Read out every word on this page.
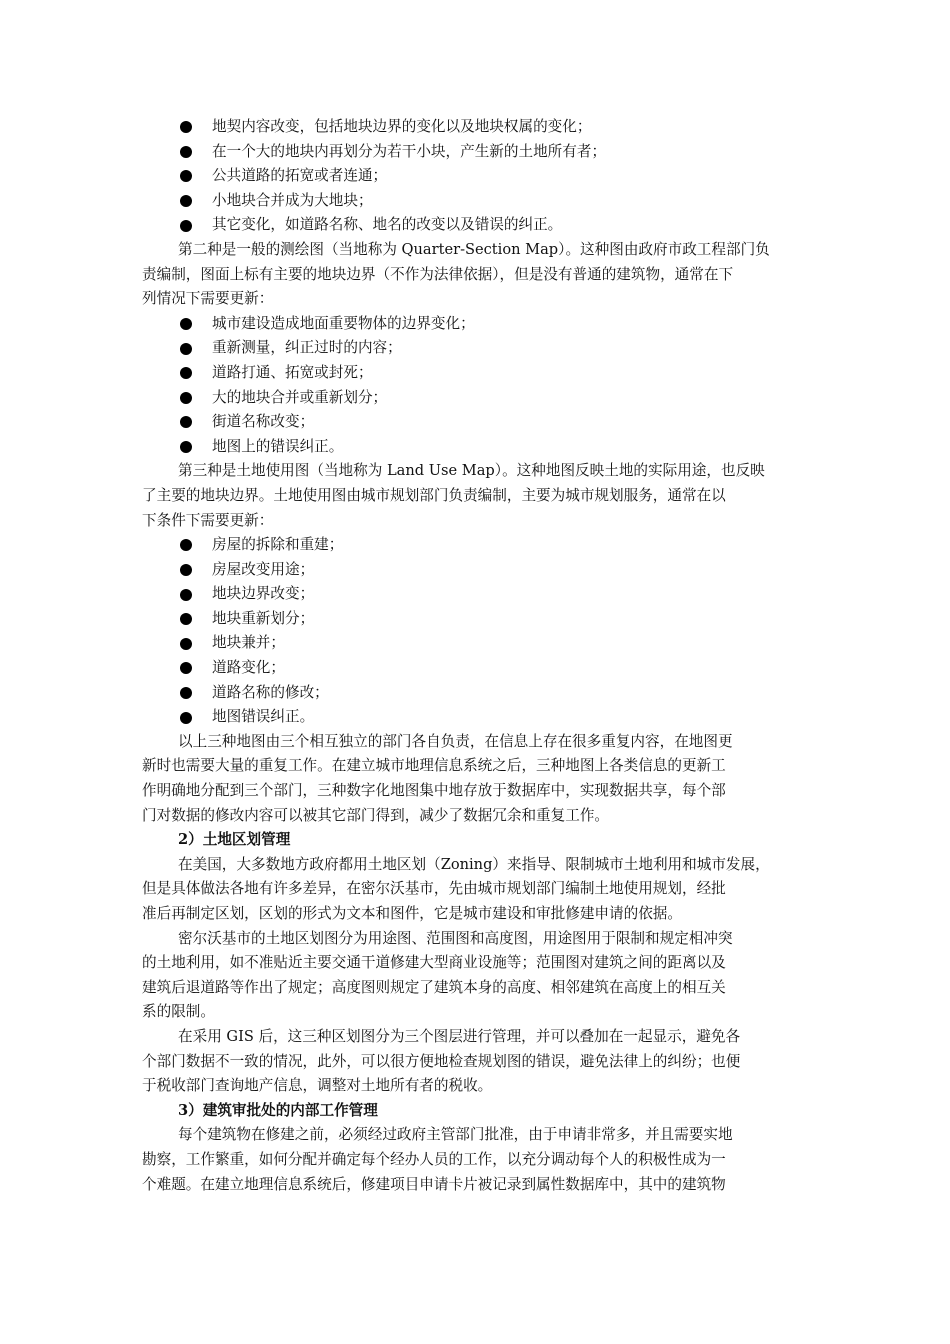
地契内容改变，包括地块边界的变化以及地块权属的变化；
在一个大的地块内再划分为若干小块，产生新的土地所有者；
公共道路的拓宽或者连通；
小地块合并成为大地块；
其它变化，如道路名称、地名的改变以及错误的纠正。
第二种是一般的测绘图（当地称为 Quarter-Section Map）。这种图由政府市政工程部门负
责编制，图面上标有主要的地块边界（不作为法律依据），但是没有普通的建筑物，通常在下
列情况下需要更新：
城市建设造成地面重要物体的边界变化；
重新测量，纠正过时的内容；
道路打通、拓宽或封死；
大的地块合并或重新划分；
街道名称改变；
地图上的错误纠正。
第三种是土地使用图（当地称为 Land Use Map）。这种地图反映土地的实际用途，也反映
了主要的地块边界。土地使用图由城市规划部门负责编制，主要为城市规划服务，通常在以
下条件下需要更新：
房屋的拆除和重建；
房屋改变用途；
地块边界改变；
地块重新划分；
地块兼并；
道路变化；
道路名称的修改；
地图错误纠正。
以上三种地图由三个相互独立的部门各自负责，在信息上存在很多重复内容，在地图更
新时也需要大量的重复工作。在建立城市地理信息系统之后，三种地图上各类信息的更新工
作明确地分配到三个部门，三种数字化地图集中地存放于数据库中，实现数据共享，每个部
门对数据的修改内容可以被其它部门得到，减少了数据冗余和重复工作。
2）土地区划管理
在美国，大多数地方政府都用土地区划（Zoning）来指导、限制城市土地利用和城市发展，
但是具体做法各地有许多差异，在密尔沃基市，先由城市规划部门编制土地使用规划，经批
准后再制定区划，区划的形式为文本和图件，它是城市建设和审批修建申请的依据。
密尔沃基市的土地区划图分为用途图、范围图和高度图，用途图用于限制和规定相冲突
的土地利用，如不准贴近主要交通干道修建大型商业设施等；范围图对建筑之间的距离以及
建筑后退道路等作出了规定；高度图则规定了建筑本身的高度、相邻建筑在高度上的相互关
系的限制。
在采用 GIS 后，这三种区划图分为三个图层进行管理，并可以叠加在一起显示，避免各
个部门数据不一致的情况，此外，可以很方便地检查规划图的错误，避免法律上的纠纷；也便
于税收部门查询地产信息，调整对土地所有者的税收。
3）建筑审批处的内部工作管理
每个建筑物在修建之前，必须经过政府主管部门批准，由于申请非常多，并且需要实地
勘察，工作繁重，如何分配并确定每个经办人员的工作，以充分调动每个人的积极性成为一
个难题。在建立地理信息系统后，修建项目申请卡片被记录到属性数据库中，其中的建筑物
